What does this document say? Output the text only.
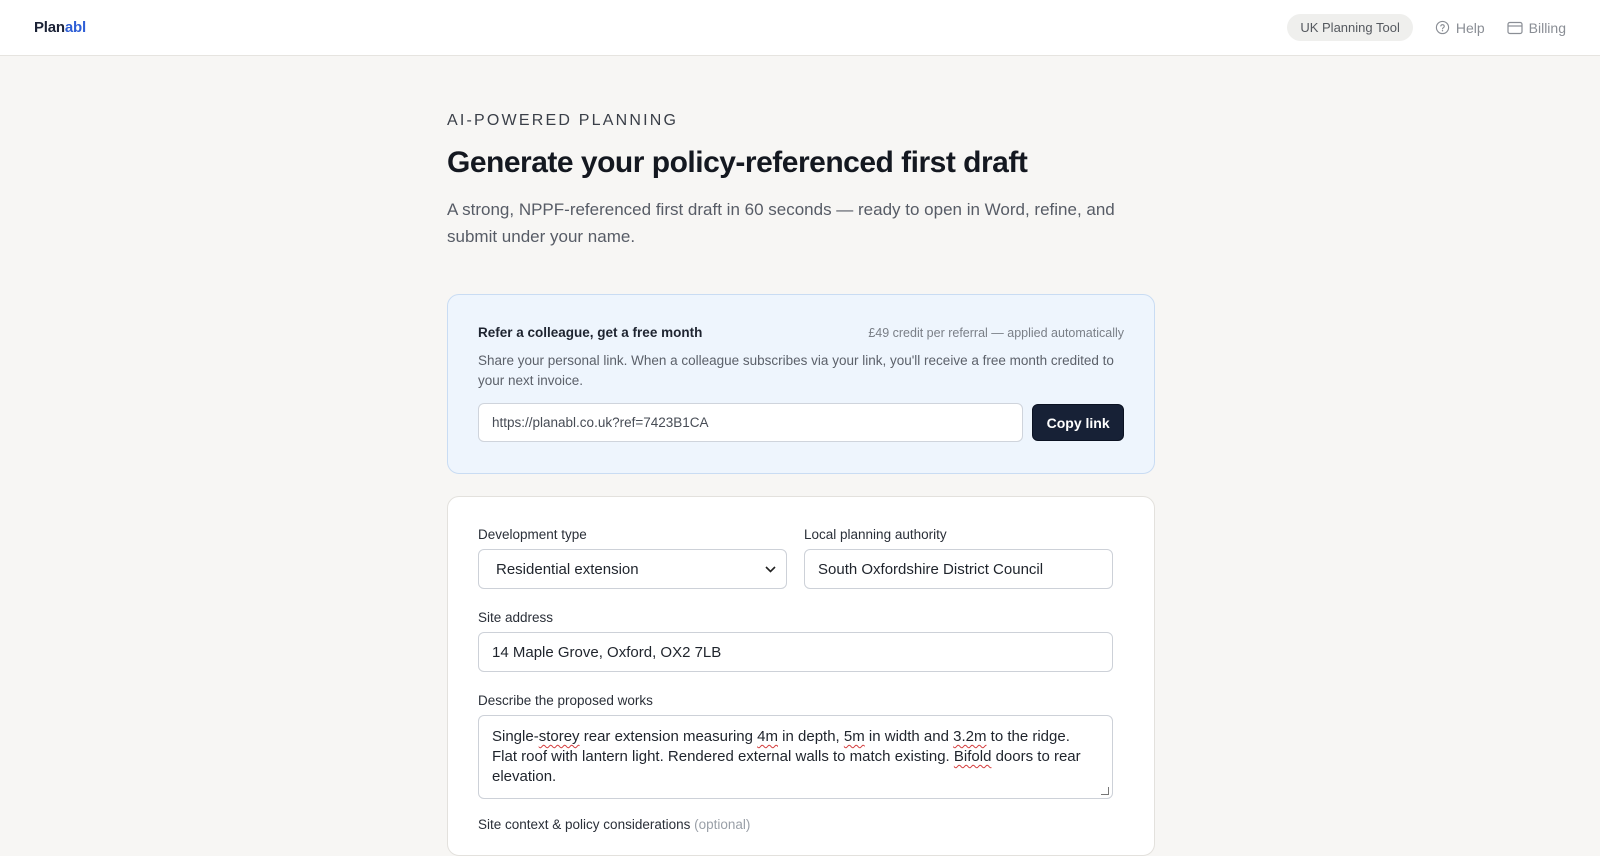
Planabl	UK Planning Tool	Help	Billing
AI-POWERED PLANNING
Generate your policy-referenced first draft

A strong, NPPF-referenced first draft in 60 seconds — ready to open in Word, refine, and submit under your name.

Refer a colleague, get a free month	£49 credit per referral — applied automatically

Share your personal link. When a colleague subscribes via your link, you'll receive a free month credited to your next invoice.

https://planabl.co.uk?ref=7423B1CA	Copy link
Development type
Residential extension
Local planning authority
South Oxfordshire District Council
Site address
14 Maple Grove, Oxford, OX2 7LB
Describe the proposed works
Single-storey rear extension measuring 4m in depth, 5m in width and 3.2m to the ridge. Flat roof with lantern light. Rendered external walls to match existing. Bifold doors to rear elevation.
Site context & policy considerations (optional)
